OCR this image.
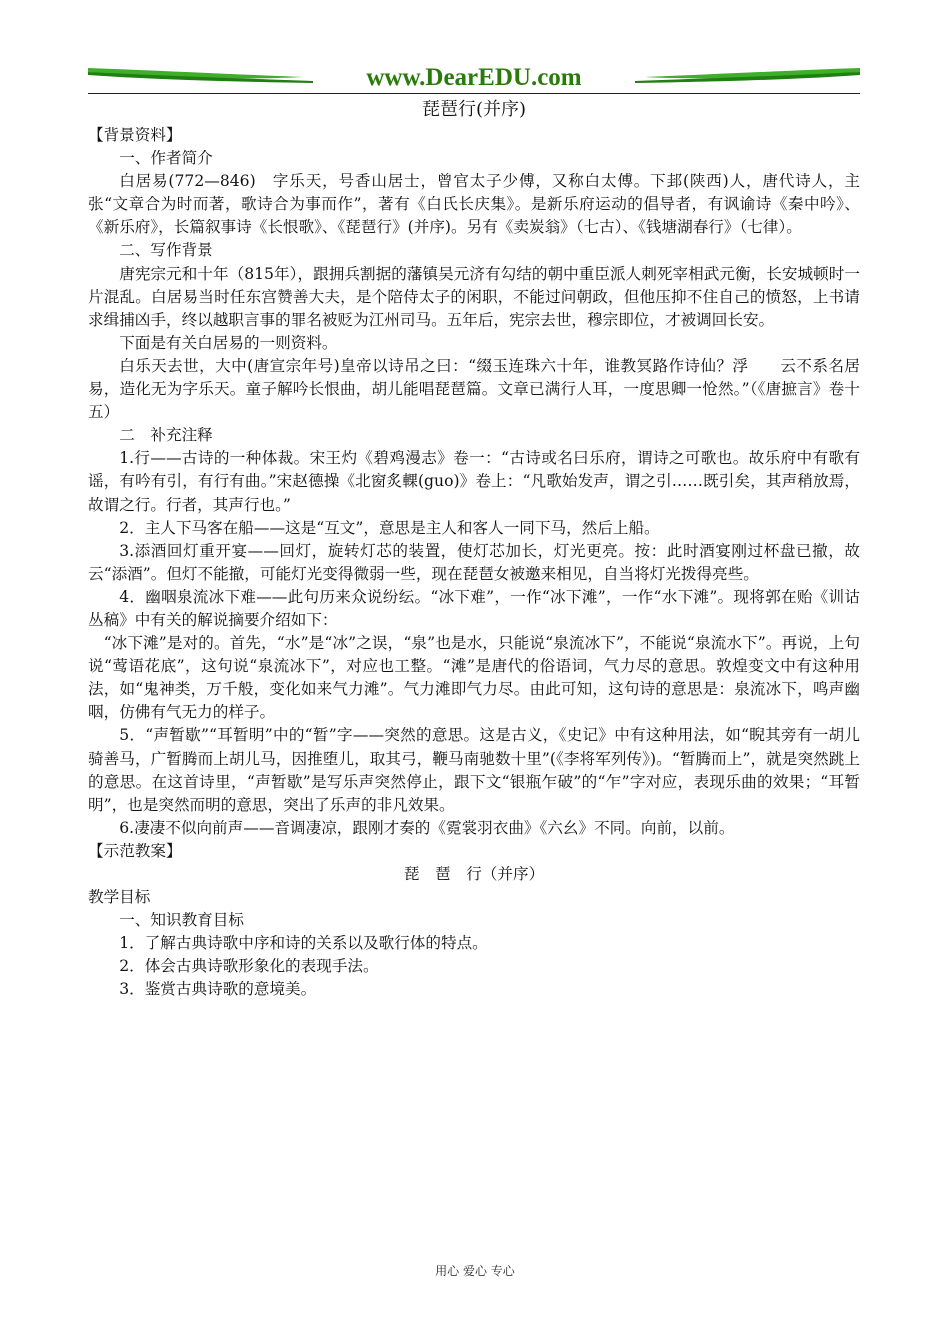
www.DearEDU.com
琵琶行(并序)

【背景资料】

一、作者简介

白居易(772—846)　字乐天，号香山居士，曾官太子少傅，又称白太傅。下邽(陕西)人，唐代诗人，主张“文章合为时而著，歌诗合为事而作”，著有《白氏长庆集》。是新乐府运动的倡导者，有讽谕诗《秦中吟》、《新乐府》，长篇叙事诗《长恨歌》、《琵琶行》(并序)。另有《卖炭翁》（七古）、《钱塘湖春行》（七律）。

二、写作背景

唐宪宗元和十年（815年），跟拥兵割据的藩镇吴元济有勾结的朝中重臣派人刺死宰相武元衡，长安城顿时一片混乱。白居易当时任东宫赞善大夫，是个陪侍太子的闲职，不能过问朝政，但他压抑不住自己的愤怒，上书请求缉捕凶手，终以越职言事的罪名被贬为江州司马。五年后，宪宗去世，穆宗即位，才被调回长安。

下面是有关白居易的一则资料。

白乐天去世，大中(唐宣宗年号)皇帝以诗吊之曰：“缀玉连珠六十年，谁教冥路作诗仙？浮　　云不系名居易，造化无为字乐天。童子解吟长恨曲，胡儿能唱琵琶篇。文章已满行人耳，一度思卿一怆然。”（《唐摭言》卷十五）

二　补充注释

1.行——古诗的一种体裁。宋王灼《碧鸡漫志》卷一：“古诗或名曰乐府，谓诗之可歌也。故乐府中有歌有谣，有吟有引，有行有曲。”宋赵德操《北窗炙輠(guo)》卷上：“凡歌始发声，谓之引……既引矣，其声稍放焉，故谓之行。行者，其声行也。”

2．主人下马客在船——这是“互文”，意思是主人和客人一同下马，然后上船。

3.添酒回灯重开宴——回灯，旋转灯芯的装置，使灯芯加长，灯光更亮。按：此时酒宴刚过杯盘已撤，故云“添酒”。但灯不能撤，可能灯光变得微弱一些，现在琵琶女被邀来相见，自当将灯光拨得亮些。

4．幽咽泉流冰下难——此句历来众说纷纭。“冰下难”，一作“冰下滩”，一作“水下滩”。现将郭在贻《训诂丛稿》中有关的解说摘要介绍如下：

“冰下滩”是对的。首先，“水”是“冰”之误，“泉”也是水，只能说“泉流冰下”，不能说“泉流水下”。再说，上句说“莺语花底”，这句说“泉流冰下”，对应也工整。“滩”是唐代的俗语词，气力尽的意思。敦煌变文中有这种用法，如“鬼神类，万千般，变化如来气力滩”。气力滩即气力尽。由此可知，这句诗的意思是：泉流冰下，鸣声幽咽，仿佛有气无力的样子。

5．“声暂歇”“耳暂明”中的“暂”字——突然的意思。这是古义，《史记》中有这种用法，如“睨其旁有一胡儿骑善马，广暂腾而上胡儿马，因推堕儿，取其弓，鞭马南驰数十里”(《李将军列传》)。“暂腾而上”，就是突然跳上的意思。在这首诗里，“声暂歇”是写乐声突然停止，跟下文“银瓶乍破”的“乍”字对应，表现乐曲的效果；“耳暂明”，也是突然而明的意思，突出了乐声的非凡效果。

6.凄凄不似向前声——音调凄凉，跟刚才奏的《霓裳羽衣曲》《六幺》不同。向前，以前。

【示范教案】

琵　琶　行（并序）

教学目标

一、知识教育目标

1．了解古典诗歌中序和诗的关系以及歌行体的特点。

2．体会古典诗歌形象化的表现手法。

3．鉴赏古典诗歌的意境美。

用心 爱心 专心
